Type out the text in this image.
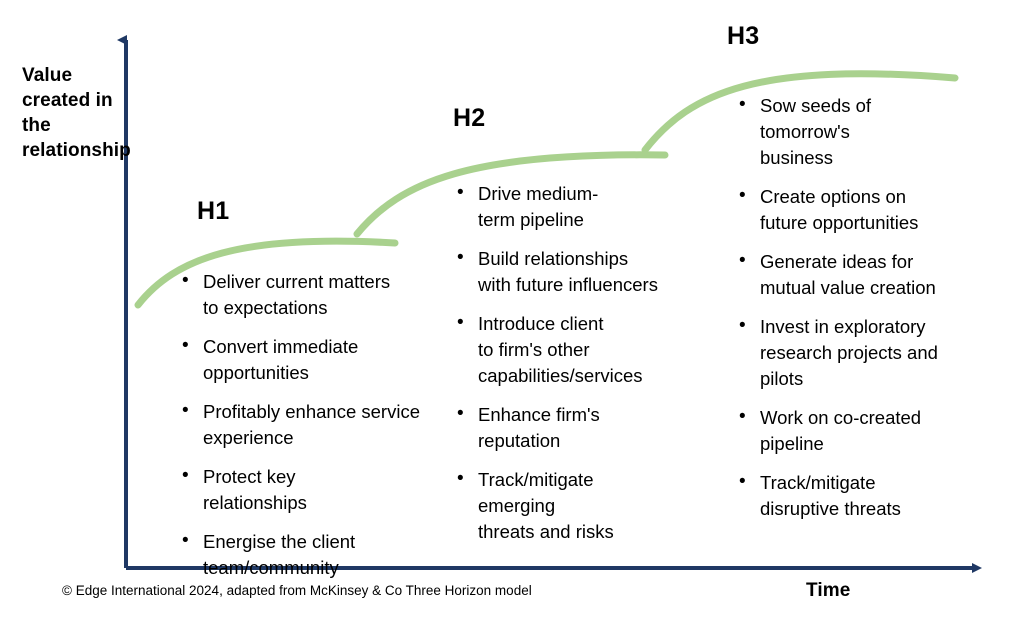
Value created in the relationship
Time
H1
H2
H3
• Deliver current matters
to expectations
• Convert immediate
opportunities
• Profitably enhance service
experience
• Protect key
relationships
• Energise the client
team/community
• Drive medium-
term pipeline
• Build relationships
with future influencers
• Introduce client
to firm's other
capabilities/services
• Enhance firm's
reputation
• Track/mitigate
emerging
threats and risks
• Sow seeds of
tomorrow's
business
• Create options on
future opportunities
• Generate ideas for
mutual value creation
• Invest in exploratory
research projects and
pilots
• Work on co-created
pipeline
• Track/mitigate
disruptive threats
© Edge International 2024, adapted from McKinsey & Co Three Horizon model
